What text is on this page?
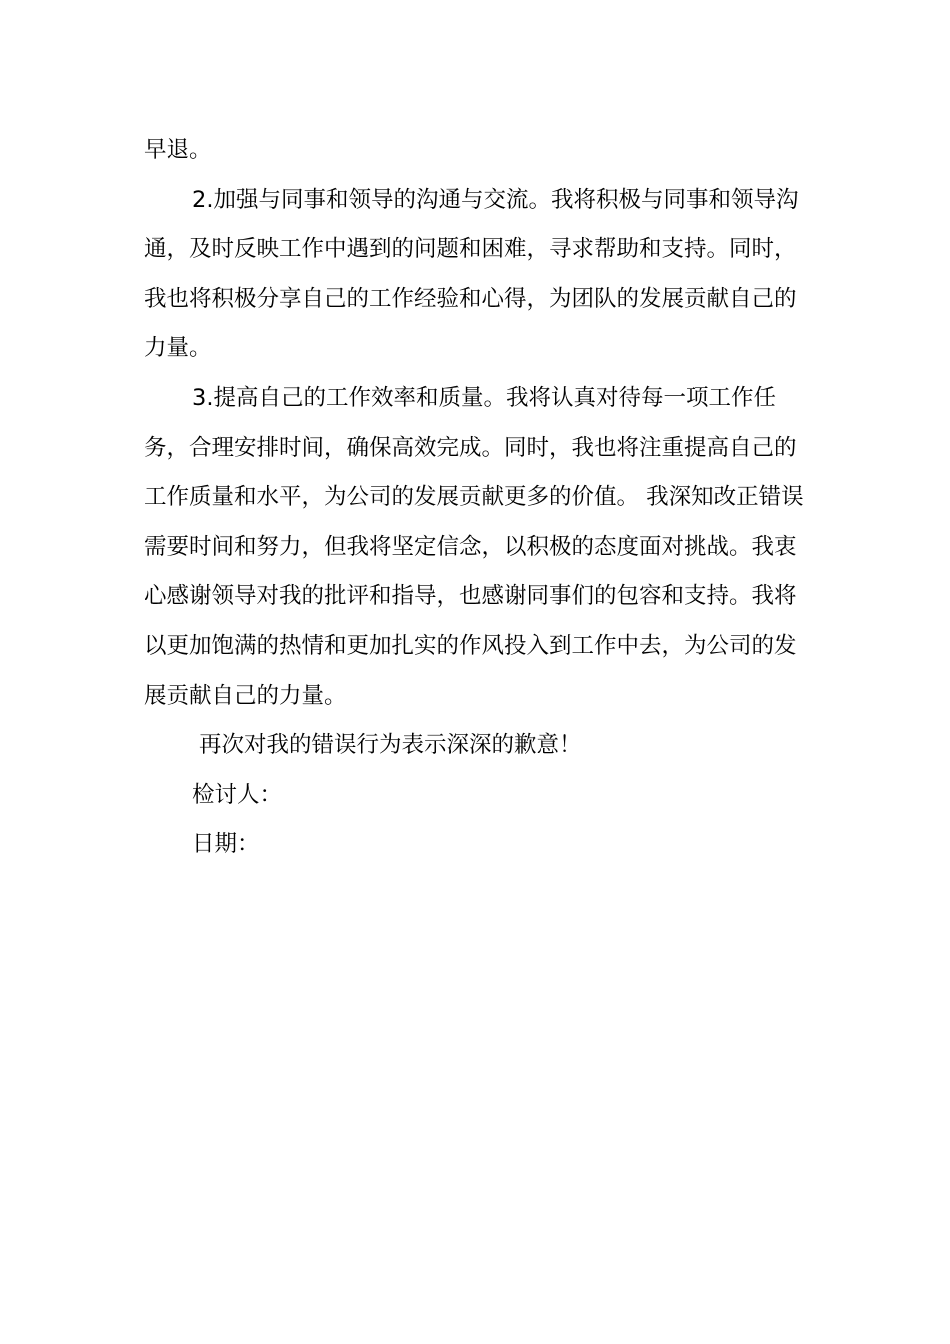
早退。

2.加强与同事和领导的沟通与交流。我将积极与同事和领导沟通，及时反映工作中遇到的问题和困难，寻求帮助和支持。同时，我也将积极分享自己的工作经验和心得，为团队的发展贡献自己的力量。

3.提高自己的工作效率和质量。我将认真对待每一项工作任务，合理安排时间，确保高效完成。同时，我也将注重提高自己的工作质量和水平，为公司的发展贡献更多的价值。 我深知改正错误需要时间和努力，但我将坚定信念，以积极的态度面对挑战。我衷心感谢领导对我的批评和指导，也感谢同事们的包容和支持。我将以更加饱满的热情和更加扎实的作风投入到工作中去，为公司的发展贡献自己的力量。

再次对我的错误行为表示深深的歉意！

检讨人：

日期：
